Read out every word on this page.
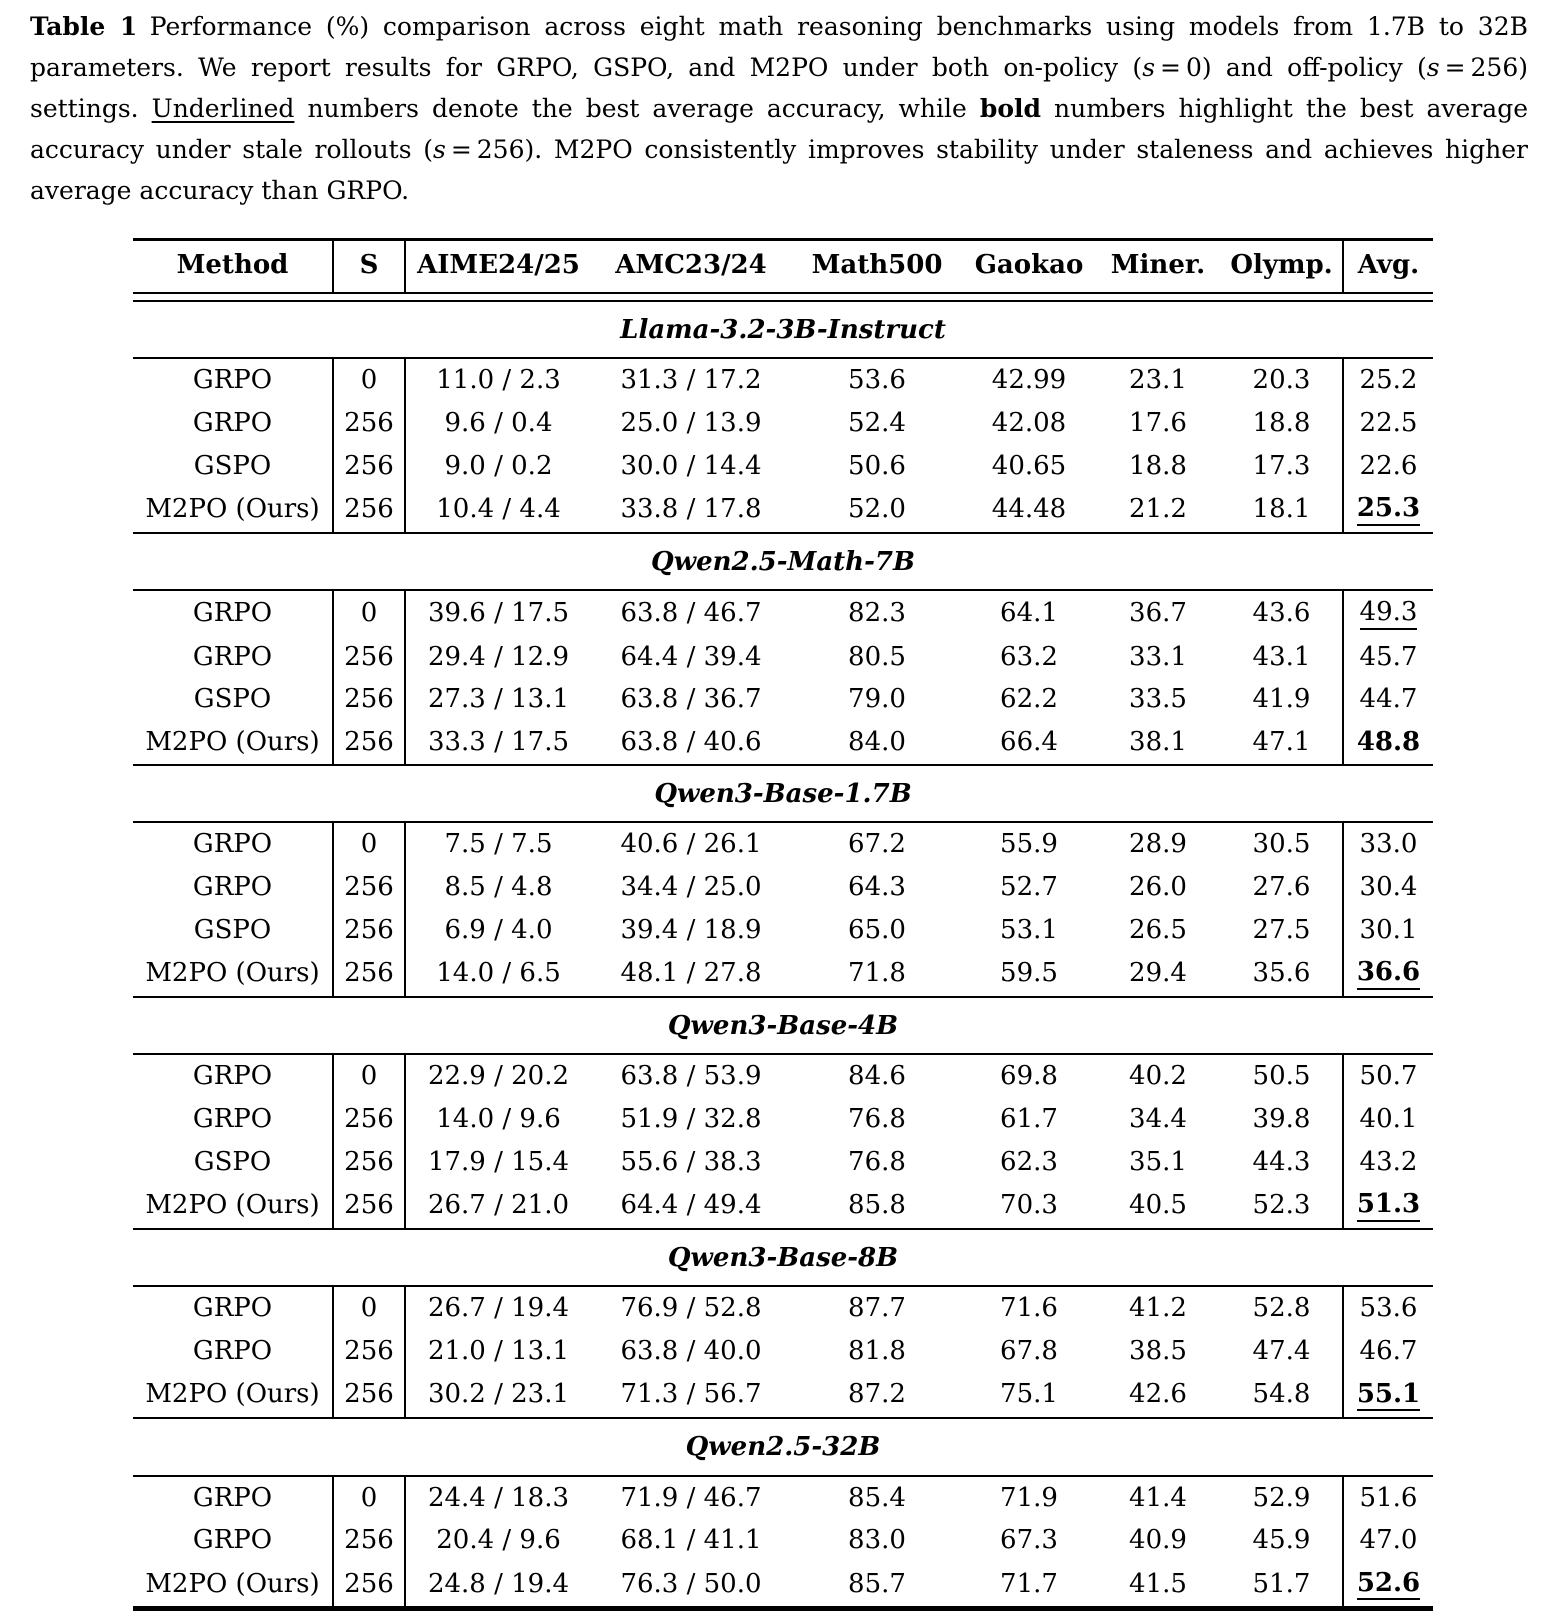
Table 1 Performance (%) comparison across eight math reasoning benchmarks using models from 1.7B to 32B parameters. We report results for GRPO, GSPO, and M2PO under both on-policy (s = 0) and off-policy (s = 256) settings. Underlined numbers denote the best average accuracy, while bold numbers highlight the best average accuracy under stale rollouts (s = 256). M2PO consistently improves stability under staleness and achieves higher average accuracy than GRPO.

Method	S	AIME24/25	AMC23/24	Math500	Gaokao	Miner.	Olymp.	Avg.

Llama-3.2-3B-Instruct								
GRPO	0	11.0 / 2.3	31.3 / 17.2	53.6	42.99	23.1	20.3	25.2
GRPO	256	9.6 / 0.4	25.0 / 13.9	52.4	42.08	17.6	18.8	22.5
GSPO	256	9.0 / 0.2	30.0 / 14.4	50.6	40.65	18.8	17.3	22.6
M2PO (Ours)	256	10.4 / 4.4	33.8 / 17.8	52.0	44.48	21.2	18.1	25.3
Qwen2.5-Math-7B								
GRPO	0	39.6 / 17.5	63.8 / 46.7	82.3	64.1	36.7	43.6	49.3
GRPO	256	29.4 / 12.9	64.4 / 39.4	80.5	63.2	33.1	43.1	45.7
GSPO	256	27.3 / 13.1	63.8 / 36.7	79.0	62.2	33.5	41.9	44.7
M2PO (Ours)	256	33.3 / 17.5	63.8 / 40.6	84.0	66.4	38.1	47.1	48.8
Qwen3-Base-1.7B								
GRPO	0	7.5 / 7.5	40.6 / 26.1	67.2	55.9	28.9	30.5	33.0
GRPO	256	8.5 / 4.8	34.4 / 25.0	64.3	52.7	26.0	27.6	30.4
GSPO	256	6.9 / 4.0	39.4 / 18.9	65.0	53.1	26.5	27.5	30.1
M2PO (Ours)	256	14.0 / 6.5	48.1 / 27.8	71.8	59.5	29.4	35.6	36.6
Qwen3-Base-4B								
GRPO	0	22.9 / 20.2	63.8 / 53.9	84.6	69.8	40.2	50.5	50.7
GRPO	256	14.0 / 9.6	51.9 / 32.8	76.8	61.7	34.4	39.8	40.1
GSPO	256	17.9 / 15.4	55.6 / 38.3	76.8	62.3	35.1	44.3	43.2
M2PO (Ours)	256	26.7 / 21.0	64.4 / 49.4	85.8	70.3	40.5	52.3	51.3
Qwen3-Base-8B								
GRPO	0	26.7 / 19.4	76.9 / 52.8	87.7	71.6	41.2	52.8	53.6
GRPO	256	21.0 / 13.1	63.8 / 40.0	81.8	67.8	38.5	47.4	46.7
M2PO (Ours)	256	30.2 / 23.1	71.3 / 56.7	87.2	75.1	42.6	54.8	55.1
Qwen2.5-32B								
GRPO	0	24.4 / 18.3	71.9 / 46.7	85.4	71.9	41.4	52.9	51.6
GRPO	256	20.4 / 9.6	68.1 / 41.1	83.0	67.3	40.9	45.9	47.0
M2PO (Ours)	256	24.8 / 19.4	76.3 / 50.0	85.7	71.7	41.5	51.7	52.6
